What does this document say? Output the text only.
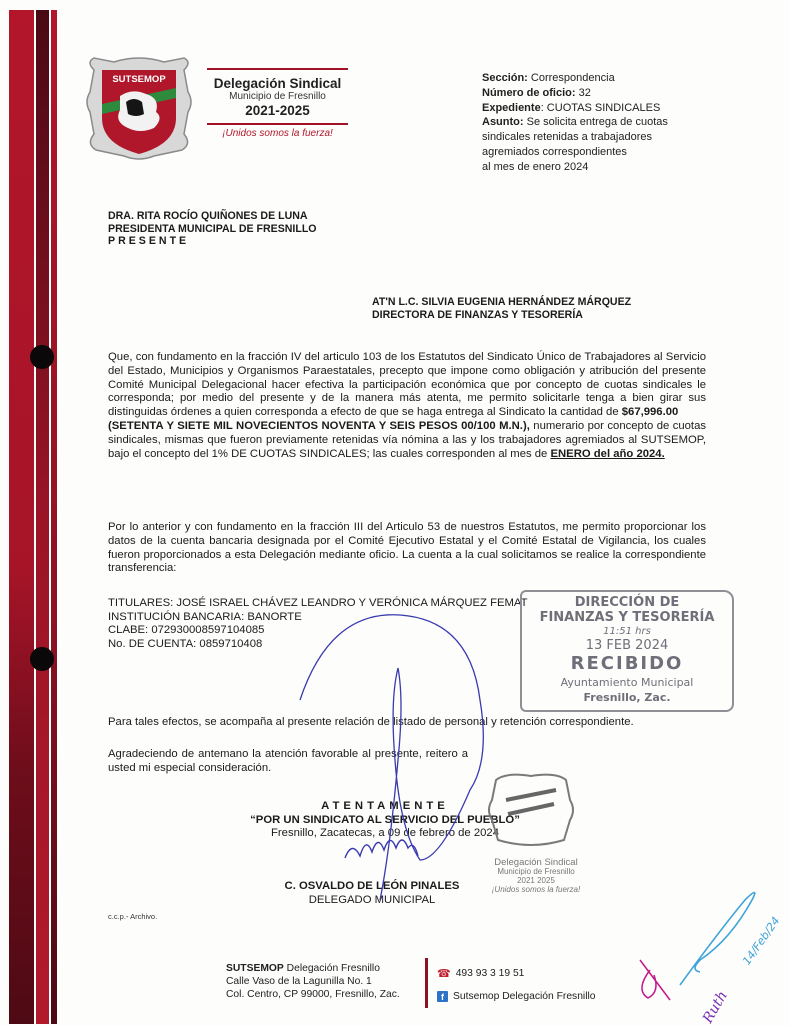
SUTSEMOP	Delegación Sindical
Municipio de Fresnillo
2021-2025
¡Unidos somos la fuerza!
Sección: Correspondencia
Número de oficio: 32
Expediente: CUOTAS SINDICALES
Asunto: Se solicita entrega de cuotas
sindicales retenidas a trabajadores
agremiados correspondientes
al mes de enero 2024
DRA. RITA ROCÍO QUIÑONES DE LUNA
PRESIDENTA MUNICIPAL DE FRESNILLO
PRESENTE
AT'N L.C. SILVIA EUGENIA HERNÁNDEZ MÁRQUEZ
DIRECTORA DE FINANZAS Y TESORERÍA
Que, con fundamento en la fracción IV del articulo 103 de los Estatutos del Sindicato Único de Trabajadores al Servicio del Estado, Municipios y Organismos Paraestatales, precepto que impone como obligación y atribución del presente Comité Municipal Delegacional hacer efectiva la participación económica que por concepto de cuotas sindicales le corresponda; por medio del presente y de la manera más atenta, me permito solicitarle tenga a bien girar sus distinguidas órdenes a quien corresponda a efecto de que se haga entrega al Sindicato la cantidad de $67,996.00
(SETENTA Y SIETE MIL NOVECIENTOS NOVENTA Y SEIS PESOS 00/100 M.N.), numerario por concepto de cuotas sindicales, mismas que fueron previamente retenidas vía nómina a las y los trabajadores agremiados al SUTSEMOP, bajo el concepto del 1% DE CUOTAS SINDICALES; las cuales corresponden al mes de ENERO del año 2024.
Por lo anterior y con fundamento en la fracción III del Articulo 53 de nuestros Estatutos, me permito proporcionar los datos de la cuenta bancaria designada por el Comité Ejecutivo Estatal y el Comité Estatal de Vigilancia, los cuales fueron proporcionados a esta Delegación mediante oficio. La cuenta a la cual solicitamos se realice la correspondiente transferencia:
TITULARES: JOSÉ ISRAEL CHÁVEZ LEANDRO Y VERÓNICA MÁRQUEZ FEMAT
INSTITUCIÓN BANCARIA: BANORTE
CLABE: 072930008597104085
No. DE CUENTA: 0859710408
Para tales efectos, se acompaña al presente relación de listado de personal y retención correspondiente.
Agradeciendo de antemano la atención favorable al presente, reitero a usted mi especial consideración.
ATENTAMENTE
“POR UN SINDICATO AL SERVICIO DEL PUEBLO”
Fresnillo, Zacatecas, a 09 de febrero de 2024
C. OSVALDO DE LEÓN PINALES
DELEGADO MUNICIPAL
Delegación Sindical
Municipio de Fresnillo
2021 2025
¡Unidos somos la fuerza!
c.c.p.- Archivo.
DIRECCIÓN DE
FINANZAS Y TESORERÍA
11:51 hrs
13 FEB 2024
RECIBIDO
Ayuntamiento Municipal
Fresnillo, Zac.
14/Feb/24
Ruth
SUTSEMOP Delegación Fresnillo
Calle Vaso de la Lagunilla No. 1
Col. Centro, CP 99000, Fresnillo, Zac.
☎ 493 93 3 19 51
f Sutsemop Delegación Fresnillo
